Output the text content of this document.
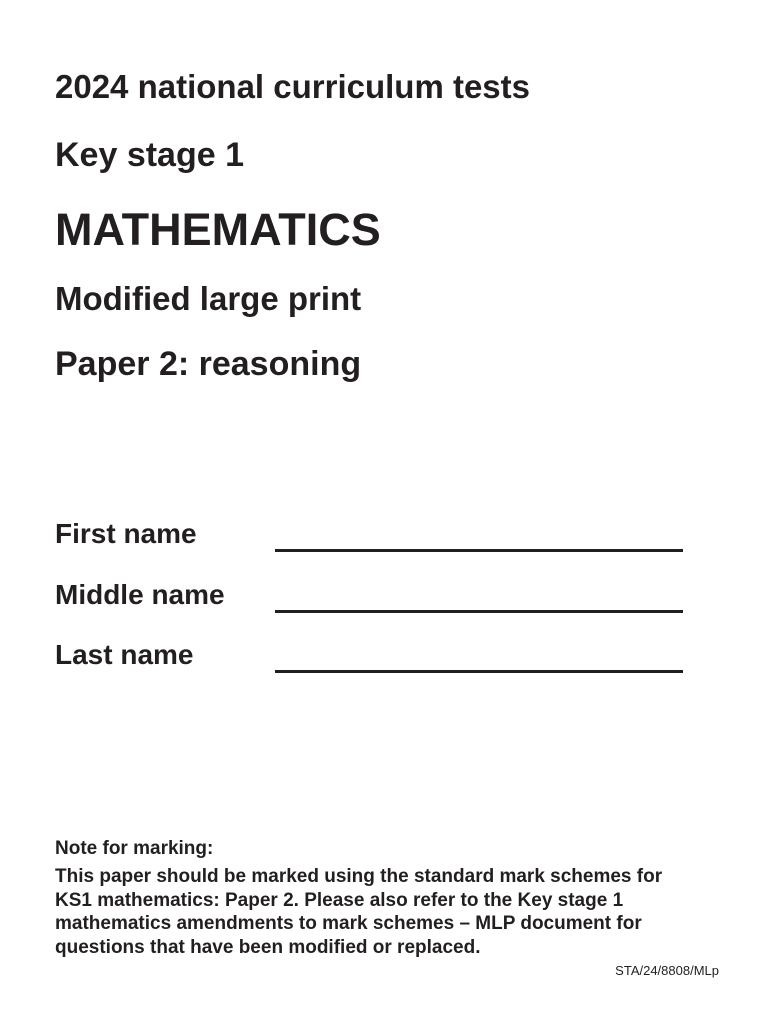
2024 national curriculum tests
Key stage 1
MATHEMATICS
Modified large print
Paper 2: reasoning
First name
Middle name
Last name
Note for marking:
This paper should be marked using the standard mark schemes for
KS1 mathematics: Paper 2. Please also refer to the Key stage 1
mathematics amendments to mark schemes – MLP document for
questions that have been modified or replaced.
STA/24/8808/MLp
